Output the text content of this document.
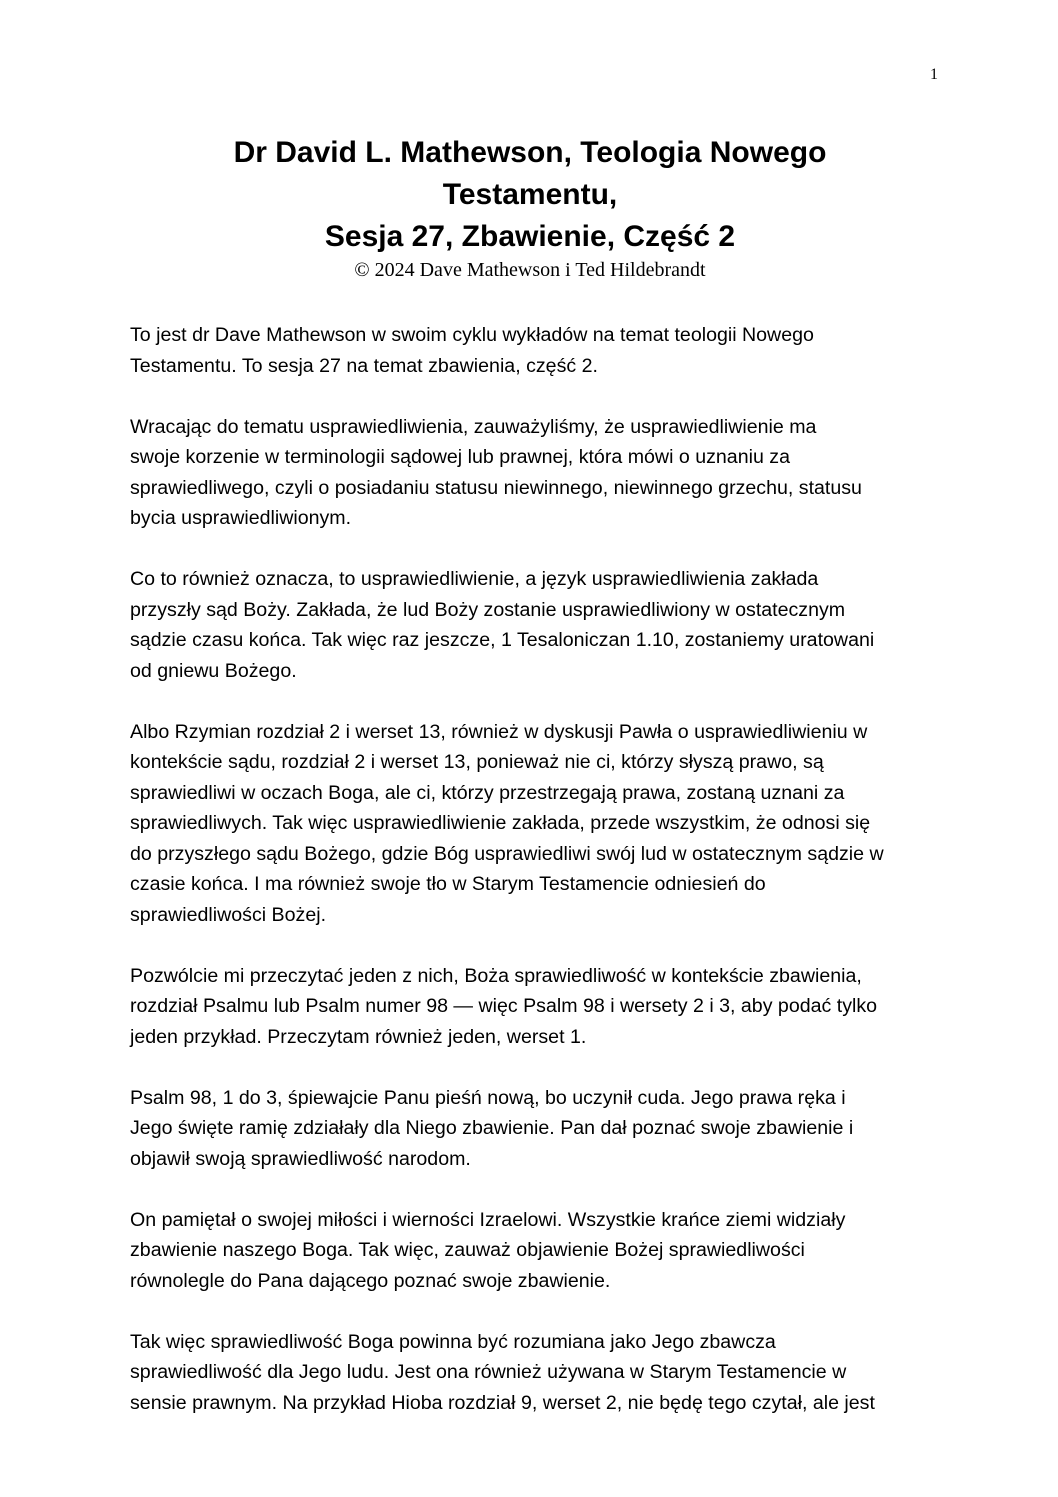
1

Dr David L. Mathewson, Teologia Nowego

Testamentu,

Sesja 27, Zbawienie, Część 2

© 2024 Dave Mathewson i Ted Hildebrandt

To jest dr Dave Mathewson w swoim cyklu wykładów na temat teologii Nowego
Testamentu. To sesja 27 na temat zbawienia, część 2.

Wracając do tematu usprawiedliwienia, zauważyliśmy, że usprawiedliwienie ma
swoje korzenie w terminologii sądowej lub prawnej, która mówi o uznaniu za
sprawiedliwego, czyli o posiadaniu statusu niewinnego, niewinnego grzechu, statusu
bycia usprawiedliwionym.

Co to również oznacza, to usprawiedliwienie, a język usprawiedliwienia zakłada
przyszły sąd Boży. Zakłada, że lud Boży zostanie usprawiedliwiony w ostatecznym
sądzie czasu końca. Tak więc raz jeszcze, 1 Tesaloniczan 1.10, zostaniemy uratowani
od gniewu Bożego.

Albo Rzymian rozdział 2 i werset 13, również w dyskusji Pawła o usprawiedliwieniu w
kontekście sądu, rozdział 2 i werset 13, ponieważ nie ci, którzy słyszą prawo, są
sprawiedliwi w oczach Boga, ale ci, którzy przestrzegają prawa, zostaną uznani za
sprawiedliwych. Tak więc usprawiedliwienie zakłada, przede wszystkim, że odnosi się
do przyszłego sądu Bożego, gdzie Bóg usprawiedliwi swój lud w ostatecznym sądzie w
czasie końca. I ma również swoje tło w Starym Testamencie odniesień do
sprawiedliwości Bożej.

Pozwólcie mi przeczytać jeden z nich, Boża sprawiedliwość w kontekście zbawienia,
rozdział Psalmu lub Psalm numer 98 — więc Psalm 98 i wersety 2 i 3, aby podać tylko
jeden przykład. Przeczytam również jeden, werset 1.

Psalm 98, 1 do 3, śpiewajcie Panu pieśń nową, bo uczynił cuda. Jego prawa ręka i
Jego święte ramię zdziałały dla Niego zbawienie. Pan dał poznać swoje zbawienie i
objawił swoją sprawiedliwość narodom.

On pamiętał o swojej miłości i wierności Izraelowi. Wszystkie krańce ziemi widziały
zbawienie naszego Boga. Tak więc, zauważ objawienie Bożej sprawiedliwości
równolegle do Pana dającego poznać swoje zbawienie.

Tak więc sprawiedliwość Boga powinna być rozumiana jako Jego zbawcza
sprawiedliwość dla Jego ludu. Jest ona również używana w Starym Testamencie w
sensie prawnym. Na przykład Hioba rozdział 9, werset 2, nie będę tego czytał, ale jest
